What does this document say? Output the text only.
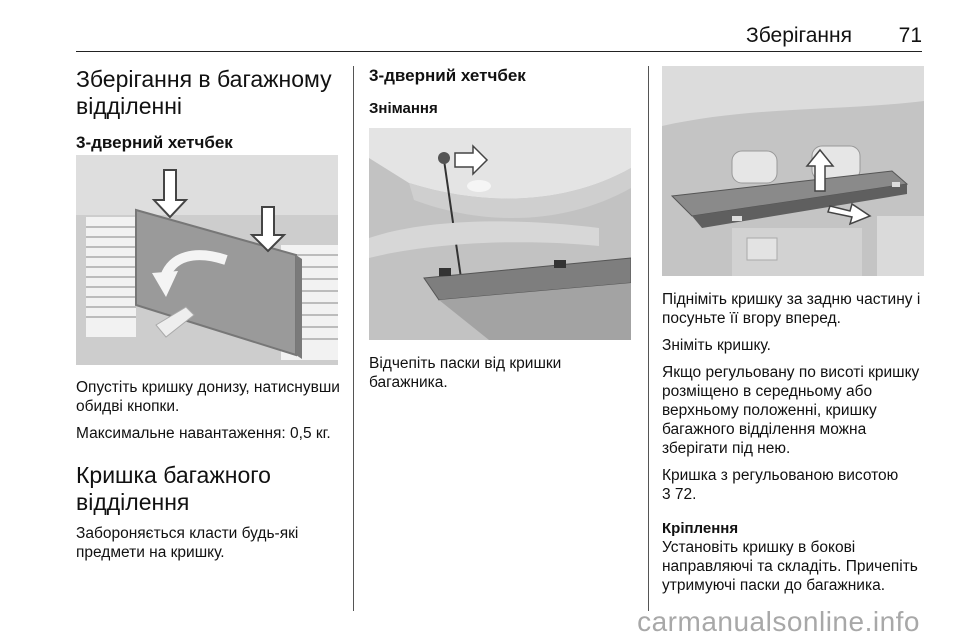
Зберігання 71
Зберігання в багажному відділенні
3-дверний хетчбек

Опустіть кришку донизу, натиснувши обидві кнопки.

Максимальне навантаження: 0,5 кг.

Кришка багажного відділення

Забороняється класти будь-які предмети на кришку.

3-дверний хетчбек
Знімання

Відчепіть паски від кришки багажника.

Підніміть кришку за задню частину і посуньте її вгору вперед.

Зніміть кришку.

Якщо регульовану по висоті кришку розміщено в середньому або верхньому положенні, кришку багажного відділення можна зберігати під нею.

Кришка з регульованою висотою
3 72.

Кріплення

Установіть кришку в бокові направляючі та складіть. Причепіть утримуючі паски до багажника.

carmanualsonline.info
